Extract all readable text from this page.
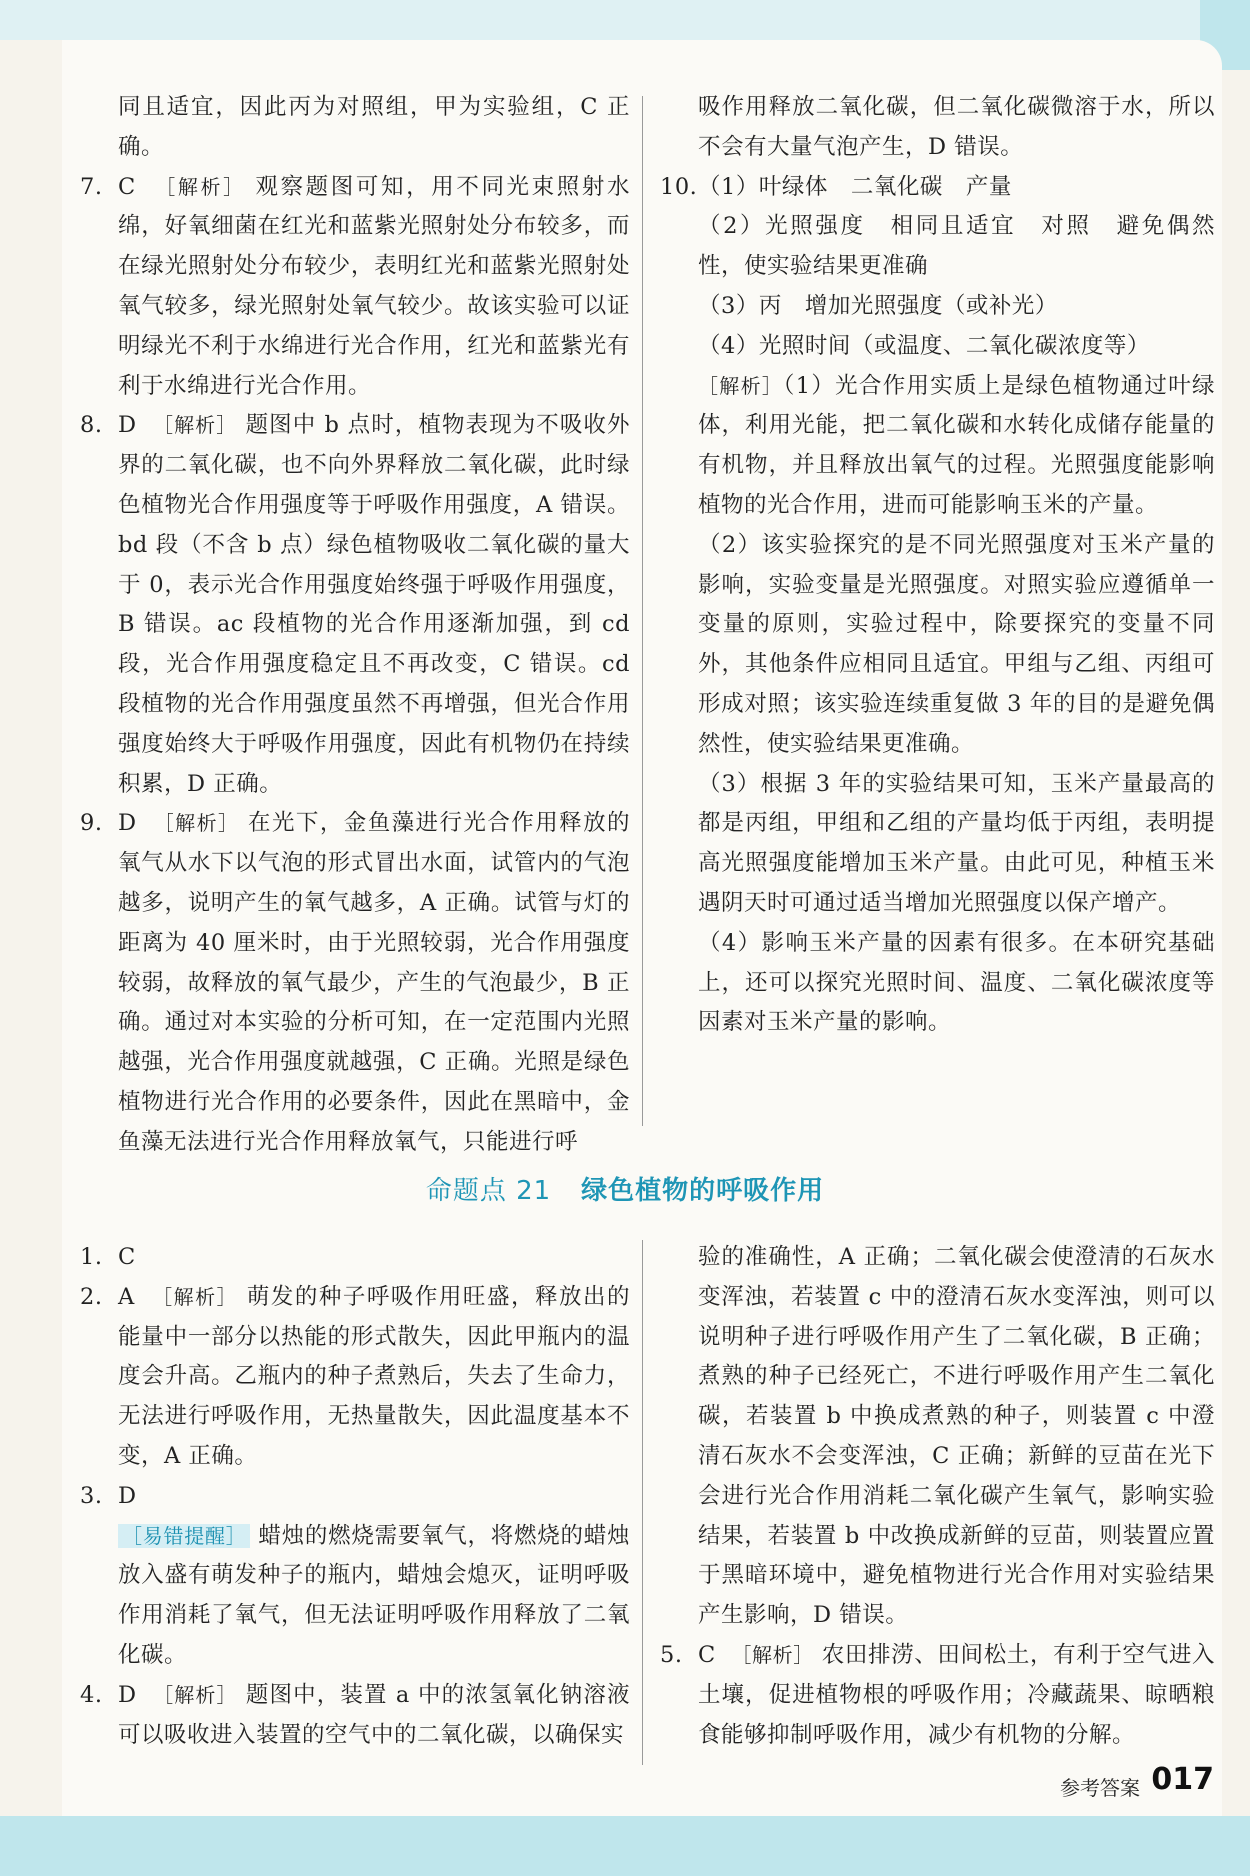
同且适宜，因此丙为对照组，甲为实验组，C 正确。

7. C ［解析］ 观察题图可知，用不同光束照射水绵，好氧细菌在红光和蓝紫光照射处分布较多，而在绿光照射处分布较少，表明红光和蓝紫光照射处氧气较多，绿光照射处氧气较少。故该实验可以证明绿光不利于水绵进行光合作用，红光和蓝紫光有利于水绵进行光合作用。

8. D ［解析］ 题图中 b 点时，植物表现为不吸收外界的二氧化碳，也不向外界释放二氧化碳，此时绿色植物光合作用强度等于呼吸作用强度，A 错误。bd 段（不含 b 点）绿色植物吸收二氧化碳的量大于 0，表示光合作用强度始终强于呼吸作用强度，B 错误。ac 段植物的光合作用逐渐加强，到 cd 段，光合作用强度稳定且不再改变，C 错误。cd 段植物的光合作用强度虽然不再增强，但光合作用强度始终大于呼吸作用强度，因此有机物仍在持续积累，D 正确。

9. D ［解析］ 在光下，金鱼藻进行光合作用释放的氧气从水下以气泡的形式冒出水面，试管内的气泡越多，说明产生的氧气越多，A 正确。试管与灯的距离为 40 厘米时，由于光照较弱，光合作用强度较弱，故释放的氧气最少，产生的气泡最少，B 正确。通过对本实验的分析可知，在一定范围内光照越强，光合作用强度就越强，C 正确。光照是绿色植物进行光合作用的必要条件，因此在黑暗中，金鱼藻无法进行光合作用释放氧气，只能进行呼

吸作用释放二氧化碳，但二氧化碳微溶于水，所以不会有大量气泡产生，D 错误。

10. （1）叶绿体　二氧化碳　产量

（2）光照强度　相同且适宜　对照　避免偶然性，使实验结果更准确

（3）丙　增加光照强度（或补光）

（4）光照时间（或温度、二氧化碳浓度等）

［解析］（1）光合作用实质上是绿色植物通过叶绿体，利用光能，把二氧化碳和水转化成储存能量的有机物，并且释放出氧气的过程。光照强度能影响植物的光合作用，进而可能影响玉米的产量。

（2）该实验探究的是不同光照强度对玉米产量的影响，实验变量是光照强度。对照实验应遵循单一变量的原则，实验过程中，除要探究的变量不同外，其他条件应相同且适宜。甲组与乙组、丙组可形成对照；该实验连续重复做 3 年的目的是避免偶然性，使实验结果更准确。

（3）根据 3 年的实验结果可知，玉米产量最高的都是丙组，甲组和乙组的产量均低于丙组，表明提高光照强度能增加玉米产量。由此可见，种植玉米遇阴天时可通过适当增加光照强度以保产增产。

（4）影响玉米产量的因素有很多。在本研究基础上，还可以探究光照时间、温度、二氧化碳浓度等因素对玉米产量的影响。

命题点 21 绿色植物的呼吸作用
1. C

2. A ［解析］ 萌发的种子呼吸作用旺盛，释放出的能量中一部分以热能的形式散失，因此甲瓶内的温度会升高。乙瓶内的种子煮熟后，失去了生命力，无法进行呼吸作用，无热量散失，因此温度基本不变，A 正确。

3. D

［易错提醒］ 蜡烛的燃烧需要氧气，将燃烧的蜡烛放入盛有萌发种子的瓶内，蜡烛会熄灭，证明呼吸作用消耗了氧气，但无法证明呼吸作用释放了二氧化碳。

4. D ［解析］ 题图中，装置 a 中的浓氢氧化钠溶液可以吸收进入装置的空气中的二氧化碳，以确保实

验的准确性，A 正确；二氧化碳会使澄清的石灰水变浑浊，若装置 c 中的澄清石灰水变浑浊，则可以说明种子进行呼吸作用产生了二氧化碳，B 正确；煮熟的种子已经死亡，不进行呼吸作用产生二氧化碳，若装置 b 中换成煮熟的种子，则装置 c 中澄清石灰水不会变浑浊，C 正确；新鲜的豆苗在光下会进行光合作用消耗二氧化碳产生氧气，影响实验结果，若装置 b 中改换成新鲜的豆苗，则装置应置于黑暗环境中，避免植物进行光合作用对实验结果产生影响，D 错误。

5. C ［解析］ 农田排涝、田间松土，有利于空气进入土壤，促进植物根的呼吸作用；冷藏蔬果、晾晒粮食能够抑制呼吸作用，减少有机物的分解。

参考答案 017
